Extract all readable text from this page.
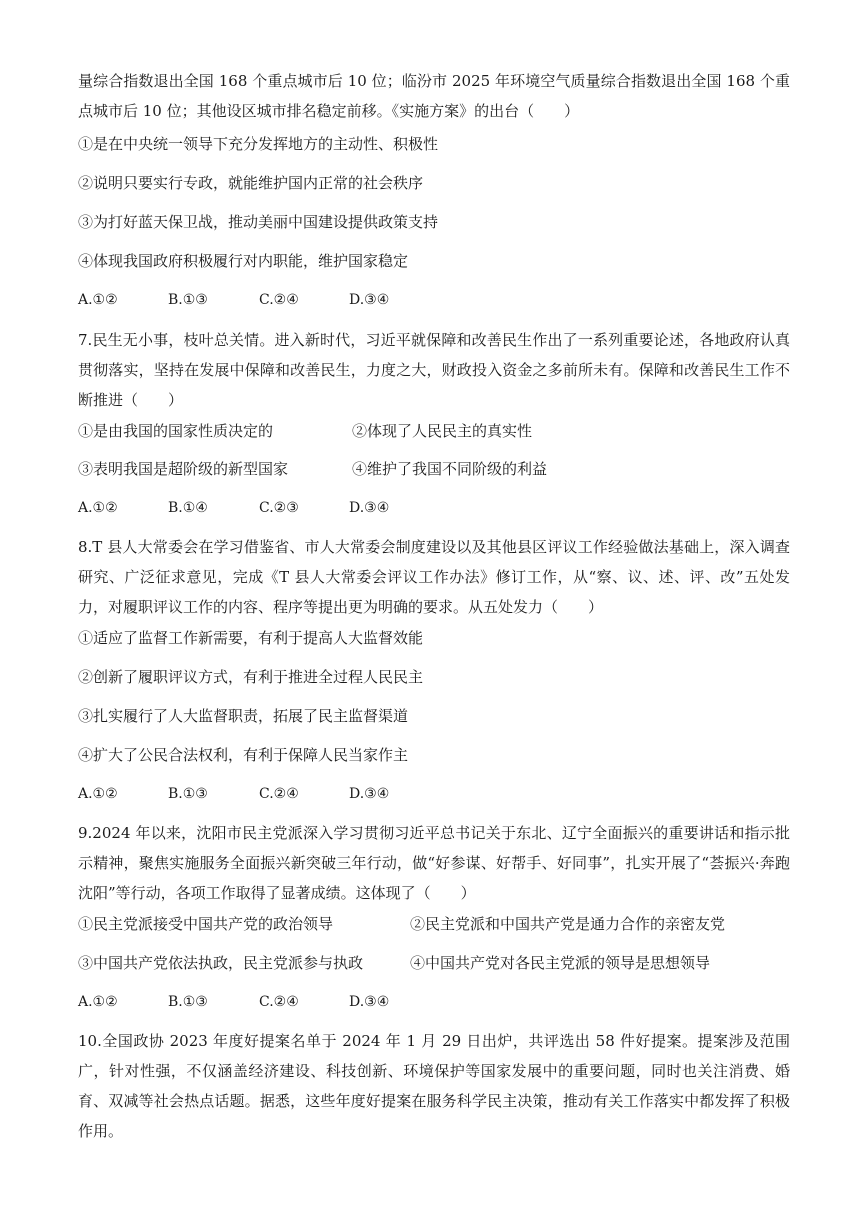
量综合指数退出全国 168 个重点城市后 10 位；临汾市 2025 年环境空气质量综合指数退出全国 168 个重点城市后 10 位；其他设区城市排名稳定前移。《实施方案》的出台（　　）

①是在中央统一领导下充分发挥地方的主动性、积极性

②说明只要实行专政，就能维护国内正常的社会秩序

③为打好蓝天保卫战，推动美丽中国建设提供政策支持

④体现我国政府积极履行对内职能，维护国家稳定

A.①②	B.①③	C.②④	D.③④

7.民生无小事，枝叶总关情。进入新时代，习近平就保障和改善民生作出了一系列重要论述，各地政府认真贯彻落实，坚持在发展中保障和改善民生，力度之大，财政投入资金之多前所未有。保障和改善民生工作不断推进（　　）

①是由我国的国家性质决定的	②体现了人民民主的真实性
③表明我国是超阶级的新型国家	④维护了我国不同阶级的利益
A.①②	B.①④	C.②③	D.③④

8.T 县人大常委会在学习借鉴省、市人大常委会制度建设以及其他县区评议工作经验做法基础上，深入调查研究、广泛征求意见，完成《T 县人大常委会评议工作办法》修订工作，从“察、议、述、评、改”五处发力，对履职评议工作的内容、程序等提出更为明确的要求。从五处发力（　　）

①适应了监督工作新需要，有利于提高人大监督效能

②创新了履职评议方式，有利于推进全过程人民民主

③扎实履行了人大监督职责，拓展了民主监督渠道

④扩大了公民合法权利，有利于保障人民当家作主

A.①②	B.①③	C.②④	D.③④

9.2024 年以来，沈阳市民主党派深入学习贯彻习近平总书记关于东北、辽宁全面振兴的重要讲话和指示批示精神，聚焦实施服务全面振兴新突破三年行动，做“好参谋、好帮手、好同事”，扎实开展了“荟振兴·奔跑沈阳”等行动，各项工作取得了显著成绩。这体现了（　　）

①民主党派接受中国共产党的政治领导	②民主党派和中国共产党是通力合作的亲密友党
③中国共产党依法执政，民主党派参与执政	④中国共产党对各民主党派的领导是思想领导
A.①②	B.①③	C.②④	D.③④

10.全国政协 2023 年度好提案名单于 2024 年 1 月 29 日出炉，共评选出 58 件好提案。提案涉及范围广，针对性强，不仅涵盖经济建设、科技创新、环境保护等国家发展中的重要问题，同时也关注消费、婚育、双减等社会热点话题。据悉，这些年度好提案在服务科学民主决策，推动有关工作落实中都发挥了积极作用。
